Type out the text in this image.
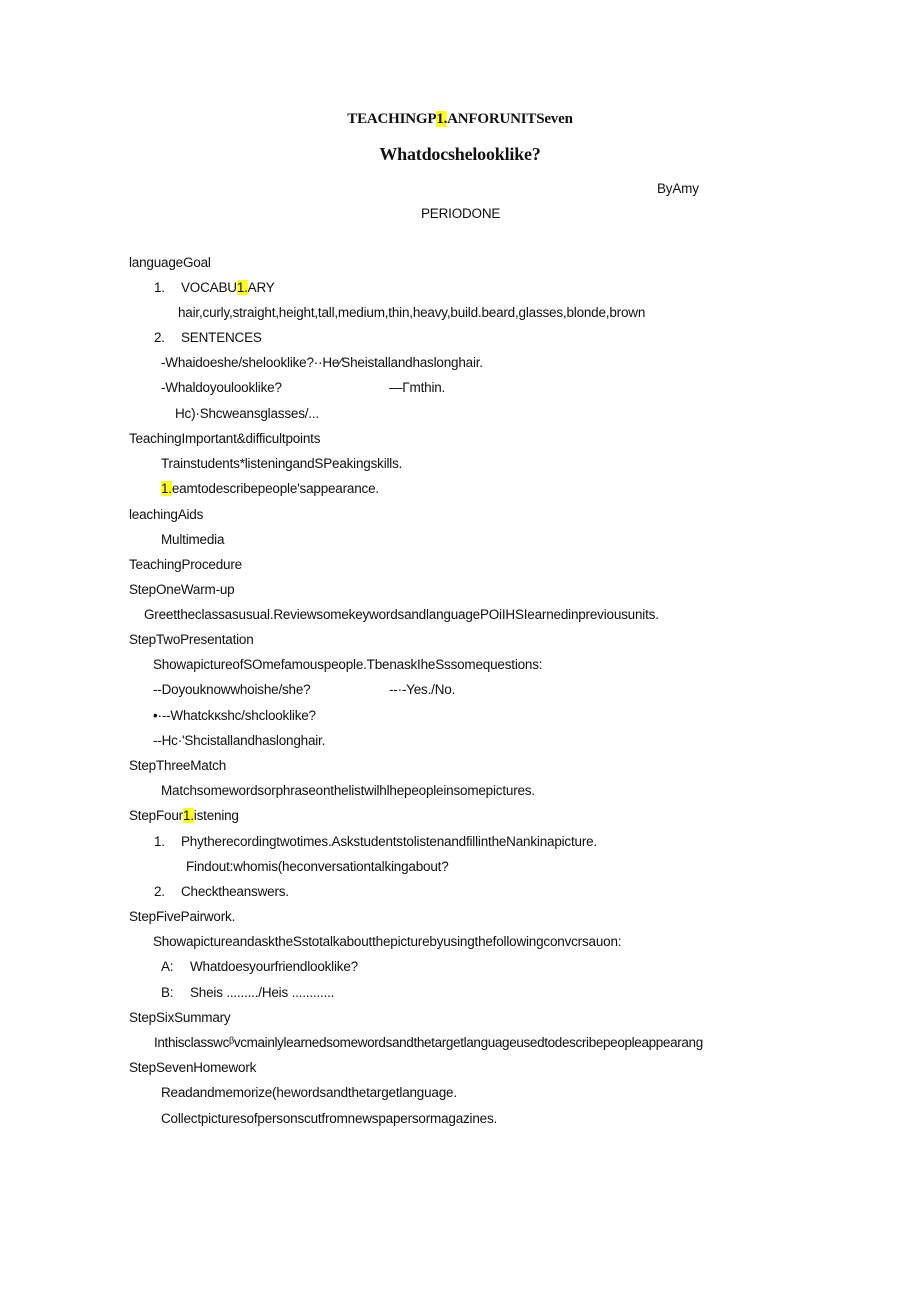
TEACHINGP1.ANFORUNITSeven
Whatdocshelooklike?
ByAmy
PERIODONE
languageGoal
1. VOCABU1.ARY
hair,curly,straight,height,tall,medium,thin,heavy,build.beard,glasses,blonde,brown
2. SENTENCES
-Whaidoeshe/shelooklike?··He⁄Sheistallandhaslonghair.
-Whaldoyoulooklike?	—Γmthin.
Hc)·Shcweansglasses/...
TeachingImportant&difficultpoints
Trainstudents*listeningandSPeakingskills.
1.eamtodescribepeople'sappearance.
leachingAids
Multimedia
TeachingProcedure
StepOneWarm-up
Greettheclassasusual.ReviewsomekeywordsandlanguagePOiIHSIearnedinpreviousunits.
StepTwoPresentation
ShowapictureofSOmefamouspeople.TbenaskIheSssomequestions:
--Doyouknowwhoishe/she?	--·-Yes./No.
•·--Whatckκshc/shclooklike?
--Hc·'Shcistallandhaslonghair.
StepThreeMatch
Matchsomewordsorphraseonthelistwilhlhepeopleinsomepictures.
StepFour1.istening
1. Phytherecordingtwotimes.AskstudentstolistenandfillintheNankinapicture.
Findout:whomis(heconversationtalkingabout?
2. Checktheanswers.
StepFivePairwork.
ShowapictureandasktheSstotalkaboutthepicturebyusingthefollowingconvcrsauon:
A: Whatdoesyourfriendlooklike?
B: Sheis ........./Heis ............
StepSixSummary
Inthisclasswcᵝvcmainlylearnedsomewordsandthetargetlanguageusedtodescribepeopleappearang
StepSevenHomework
Readandmemorize(hewordsandthetargetlanguage.
Collectpicturesofpersonscutfromnewspapersormagazines.
